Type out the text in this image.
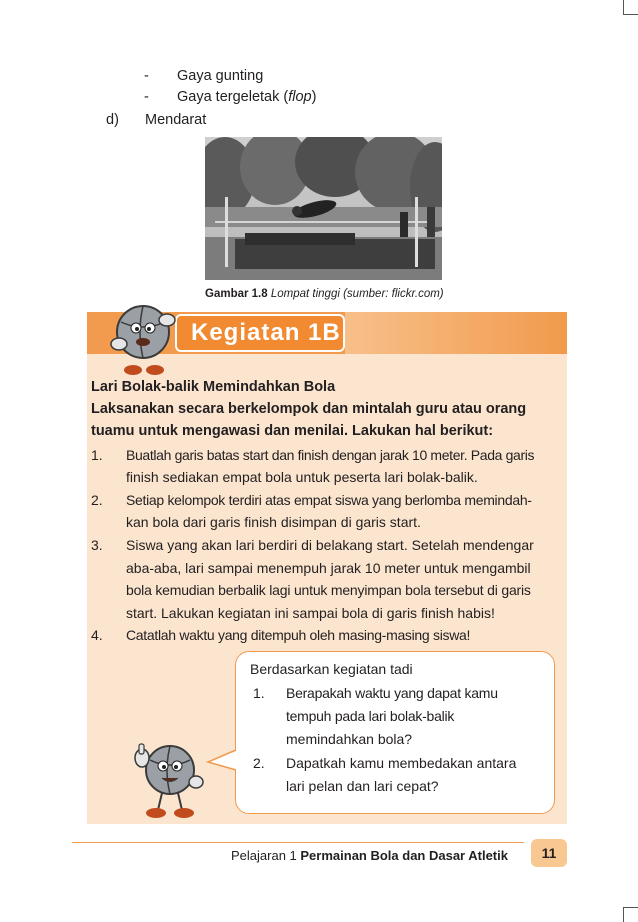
- Gaya gunting
- Gaya tergeletak (flop)
d) Mendarat
Gambar 1.8 Lompat tinggi (sumber: flickr.com)
Kegiatan 1B
Lari Bolak-balik Memindahkan Bola
Laksanakan secara berkelompok dan mintalah guru atau orang
tuamu untuk mengawasi dan menilai. Lakukan hal berikut:
1. Buatlah garis batas start dan finish dengan jarak 10 meter. Pada garis
finish sediakan empat bola untuk peserta lari bolak-balik.
2. Setiap kelompok terdiri atas empat siswa yang berlomba memindah-
kan bola dari garis finish disimpan di garis start.
3. Siswa yang akan lari berdiri di belakang start. Setelah mendengar
aba-aba, lari sampai menempuh jarak 10 meter untuk mengambil
bola kemudian berbalik lagi untuk menyimpan bola tersebut di garis
start. Lakukan kegiatan ini sampai bola di garis finish habis!
4. Catatlah waktu yang ditempuh oleh masing-masing siswa!
Berdasarkan kegiatan tadi
1. Berapakah waktu yang dapat kamu
tempuh pada lari bolak-balik
memindahkan bola?
2. Dapatkah kamu membedakan antara
lari pelan dan lari cepat?
Pelajaran 1 Permainan Bola dan Dasar Atletik	11
